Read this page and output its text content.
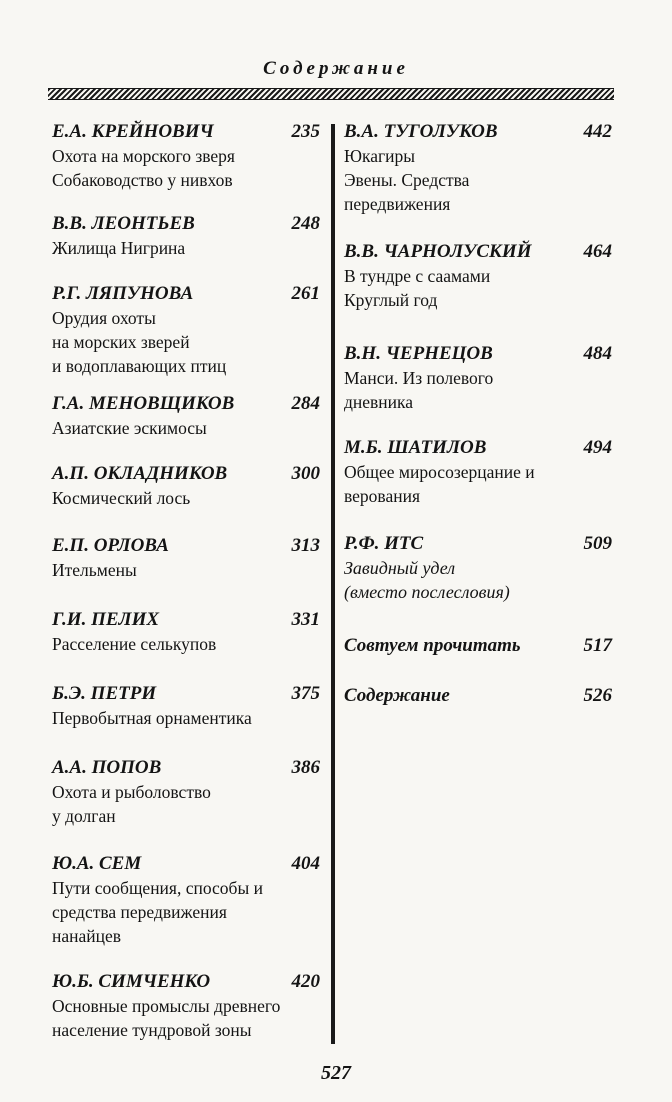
Содержание
Е.А. КРЕЙНОВИЧ	235
Охота на морского зверя
Собаководство у нивхов
В.В. ЛЕОНТЬЕВ	248
Жилища Нигрина
Р.Г. ЛЯПУНОВА	261
Орудия охоты
на морских зверей
и водоплавающих птиц
Г.А. МЕНОВЩИКОВ	284
Азиатские эскимосы
А.П. ОКЛАДНИКОВ	300
Космический лось
Е.П. ОРЛОВА	313
Ительмены
Г.И. ПЕЛИХ	331
Расселение селькупов
Б.Э. ПЕТРИ	375
Первобытная орнаментика
А.А. ПОПОВ	386
Охота и рыболовство
у долган
Ю.А. СЕМ	404
Пути сообщения, способы и
средства передвижения
нанайцев
Ю.Б. СИМЧЕНКО	420
Основные промыслы древнего
население тундровой зоны
В.А. ТУГОЛУКОВ	442
Юкагиры
Эвены. Средства
передвижения
В.В. ЧАРНОЛУСКИЙ	464
В тундре с саамами
Круглый год
В.Н. ЧЕРНЕЦОВ	484
Манси. Из полевого
дневника
М.Б. ШАТИЛОВ	494
Общее миросозерцание и
верования
Р.Ф. ИТС	509
Завидный удел
(вместо послесловия)
Совтуем прочитать	517
Содержание	526
527
